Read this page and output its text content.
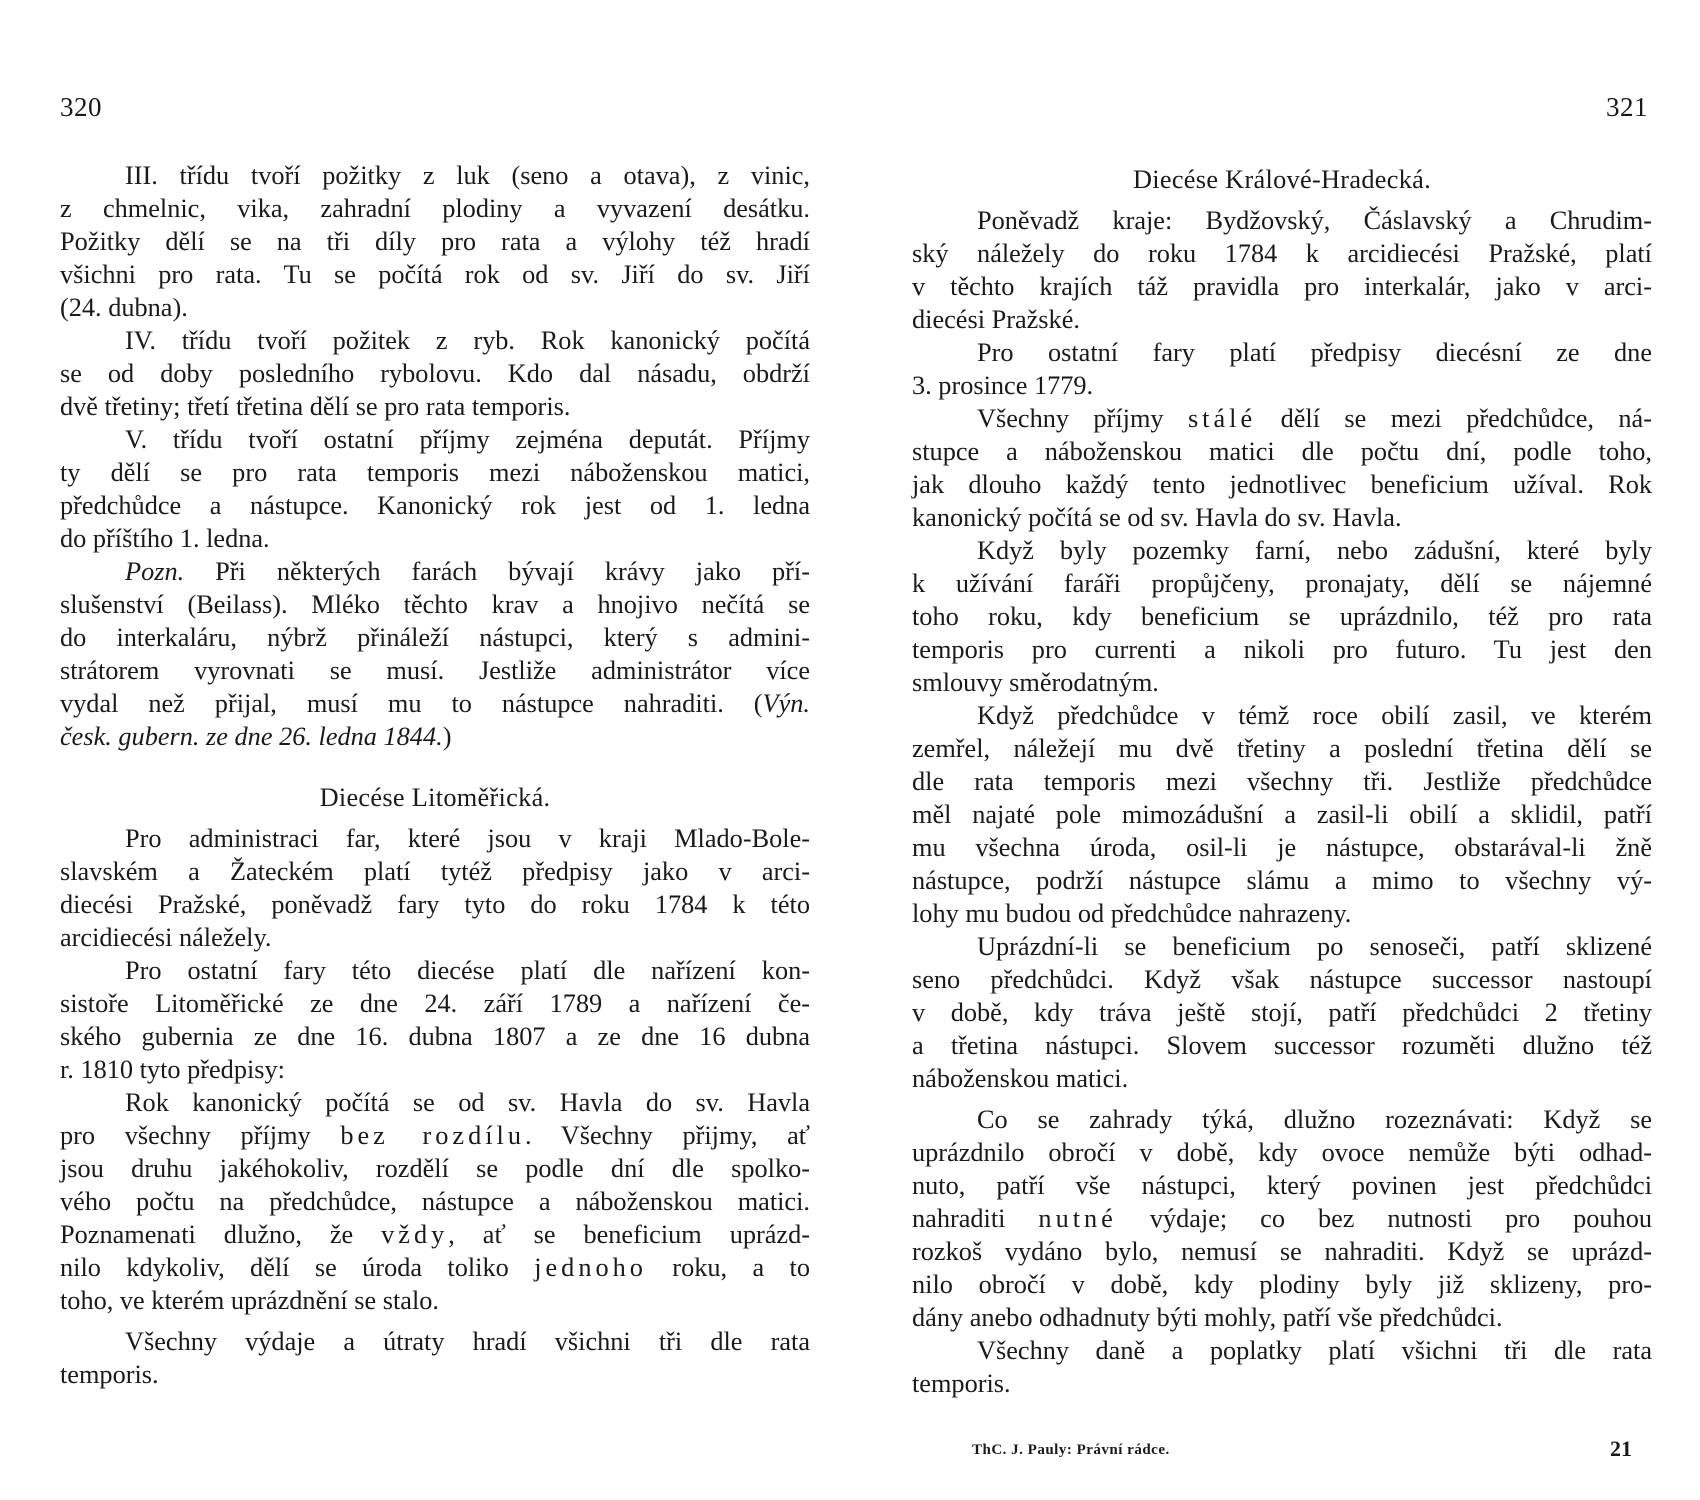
320
III. třídu tvoří požitky z luk (seno a otava), z vinic,
z chmelnic, vika, zahradní plodiny a vyvazení desátku.
Požitky dělí se na tři díly pro rata a výlohy též hradí
všichni pro rata. Tu se počítá rok od sv. Jiří do sv. Jiří
(24. dubna).
IV. třídu tvoří požitek z ryb. Rok kanonický počítá
se od doby posledního rybolovu. Kdo dal násadu, obdrží
dvě třetiny; třetí třetina dělí se pro rata temporis.
V. třídu tvoří ostatní příjmy zejména deputát. Příjmy
ty dělí se pro rata temporis mezi náboženskou matici,
předchůdce a nástupce. Kanonický rok jest od 1. ledna
do příštího 1. ledna.
Pozn. Při některých farách bývají krávy jako pří-
slušenství (Beilass). Mléko těchto krav a hnojivo nečítá se
do interkaláru, nýbrž přináleží nástupci, který s admini-
strátorem vyrovnati se musí. Jestliže administrátor více
vydal než přijal, musí mu to nástupce nahraditi. (Výn.
česk. gubern. ze dne 26. ledna 1844.)
Diecése Litoměřická.
Pro administraci far, které jsou v kraji Mlado-Bole-
slavském a Žateckém platí tytéž předpisy jako v arci-
diecési Pražské, poněvadž fary tyto do roku 1784 k této
arcidiecési náležely.
Pro ostatní fary této diecése platí dle nařízení kon-
sistoře Litoměřické ze dne 24. září 1789 a nařízení če-
ského gubernia ze dne 16. dubna 1807 a ze dne 16 dubna
r. 1810 tyto předpisy:
Rok kanonický počítá se od sv. Havla do sv. Havla
pro všechny příjmy bez rozdílu. Všechny přijmy, ať
jsou druhu jakéhokoliv, rozdělí se podle dní dle spolko-
vého počtu na předchůdce, nástupce a náboženskou matici.
Poznamenati dlužno, že vždy, ať se beneficium uprázd-
nilo kdykoliv, dělí se úroda toliko jednoho roku, a to
toho, ve kterém uprázdnění se stalo.
Všechny výdaje a útraty hradí všichni tři dle rata
temporis.
321
Diecése Králové-Hradecká.
Poněvadž kraje: Bydžovský, Čáslavský a Chrudim-
ský náležely do roku 1784 k arcidiecési Pražské, platí
v těchto krajích táž pravidla pro interkalár, jako v arci-
diecési Pražské.
Pro ostatní fary platí předpisy diecésní ze dne
3. prosince 1779.
Všechny příjmy stálé dělí se mezi předchůdce, ná-
stupce a náboženskou matici dle počtu dní, podle toho,
jak dlouho každý tento jednotlivec beneficium užíval. Rok
kanonický počítá se od sv. Havla do sv. Havla.
Když byly pozemky farní, nebo zádušní, které byly
k užívání faráři propůjčeny, pronajaty, dělí se nájemné
toho roku, kdy beneficium se uprázdnilo, též pro rata
temporis pro currenti a nikoli pro futuro. Tu jest den
smlouvy směrodatným.
Když předchůdce v témž roce obilí zasil, ve kterém
zemřel, náležejí mu dvě třetiny a poslední třetina dělí se
dle rata temporis mezi všechny tři. Jestliže předchůdce
měl najaté pole mimozádušní a zasil-li obilí a sklidil, patří
mu všechna úroda, osil-li je nástupce, obstarával-li žně
nástupce, podrží nástupce slámu a mimo to všechny vý-
lohy mu budou od předchůdce nahrazeny.
Uprázdní-li se beneficium po senoseči, patří sklizené
seno předchůdci. Když však nástupce successor nastoupí
v době, kdy tráva ještě stojí, patří předchůdci 2 třetiny
a třetina nástupci. Slovem successor rozuměti dlužno též
náboženskou matici.
Co se zahrady týká, dlužno rozeznávati: Když se
uprázdnilo obročí v době, kdy ovoce nemůže býti odhad-
nuto, patří vše nástupci, který povinen jest předchůdci
nahraditi nutné výdaje; co bez nutnosti pro pouhou
rozkoš vydáno bylo, nemusí se nahraditi. Když se uprázd-
nilo obročí v době, kdy plodiny byly již sklizeny, pro-
dány anebo odhadnuty býti mohly, patří vše předchůdci.
Všechny daně a poplatky platí všichni tři dle rata
temporis.
ThC. J. Pauly: Právní rádce.	21
